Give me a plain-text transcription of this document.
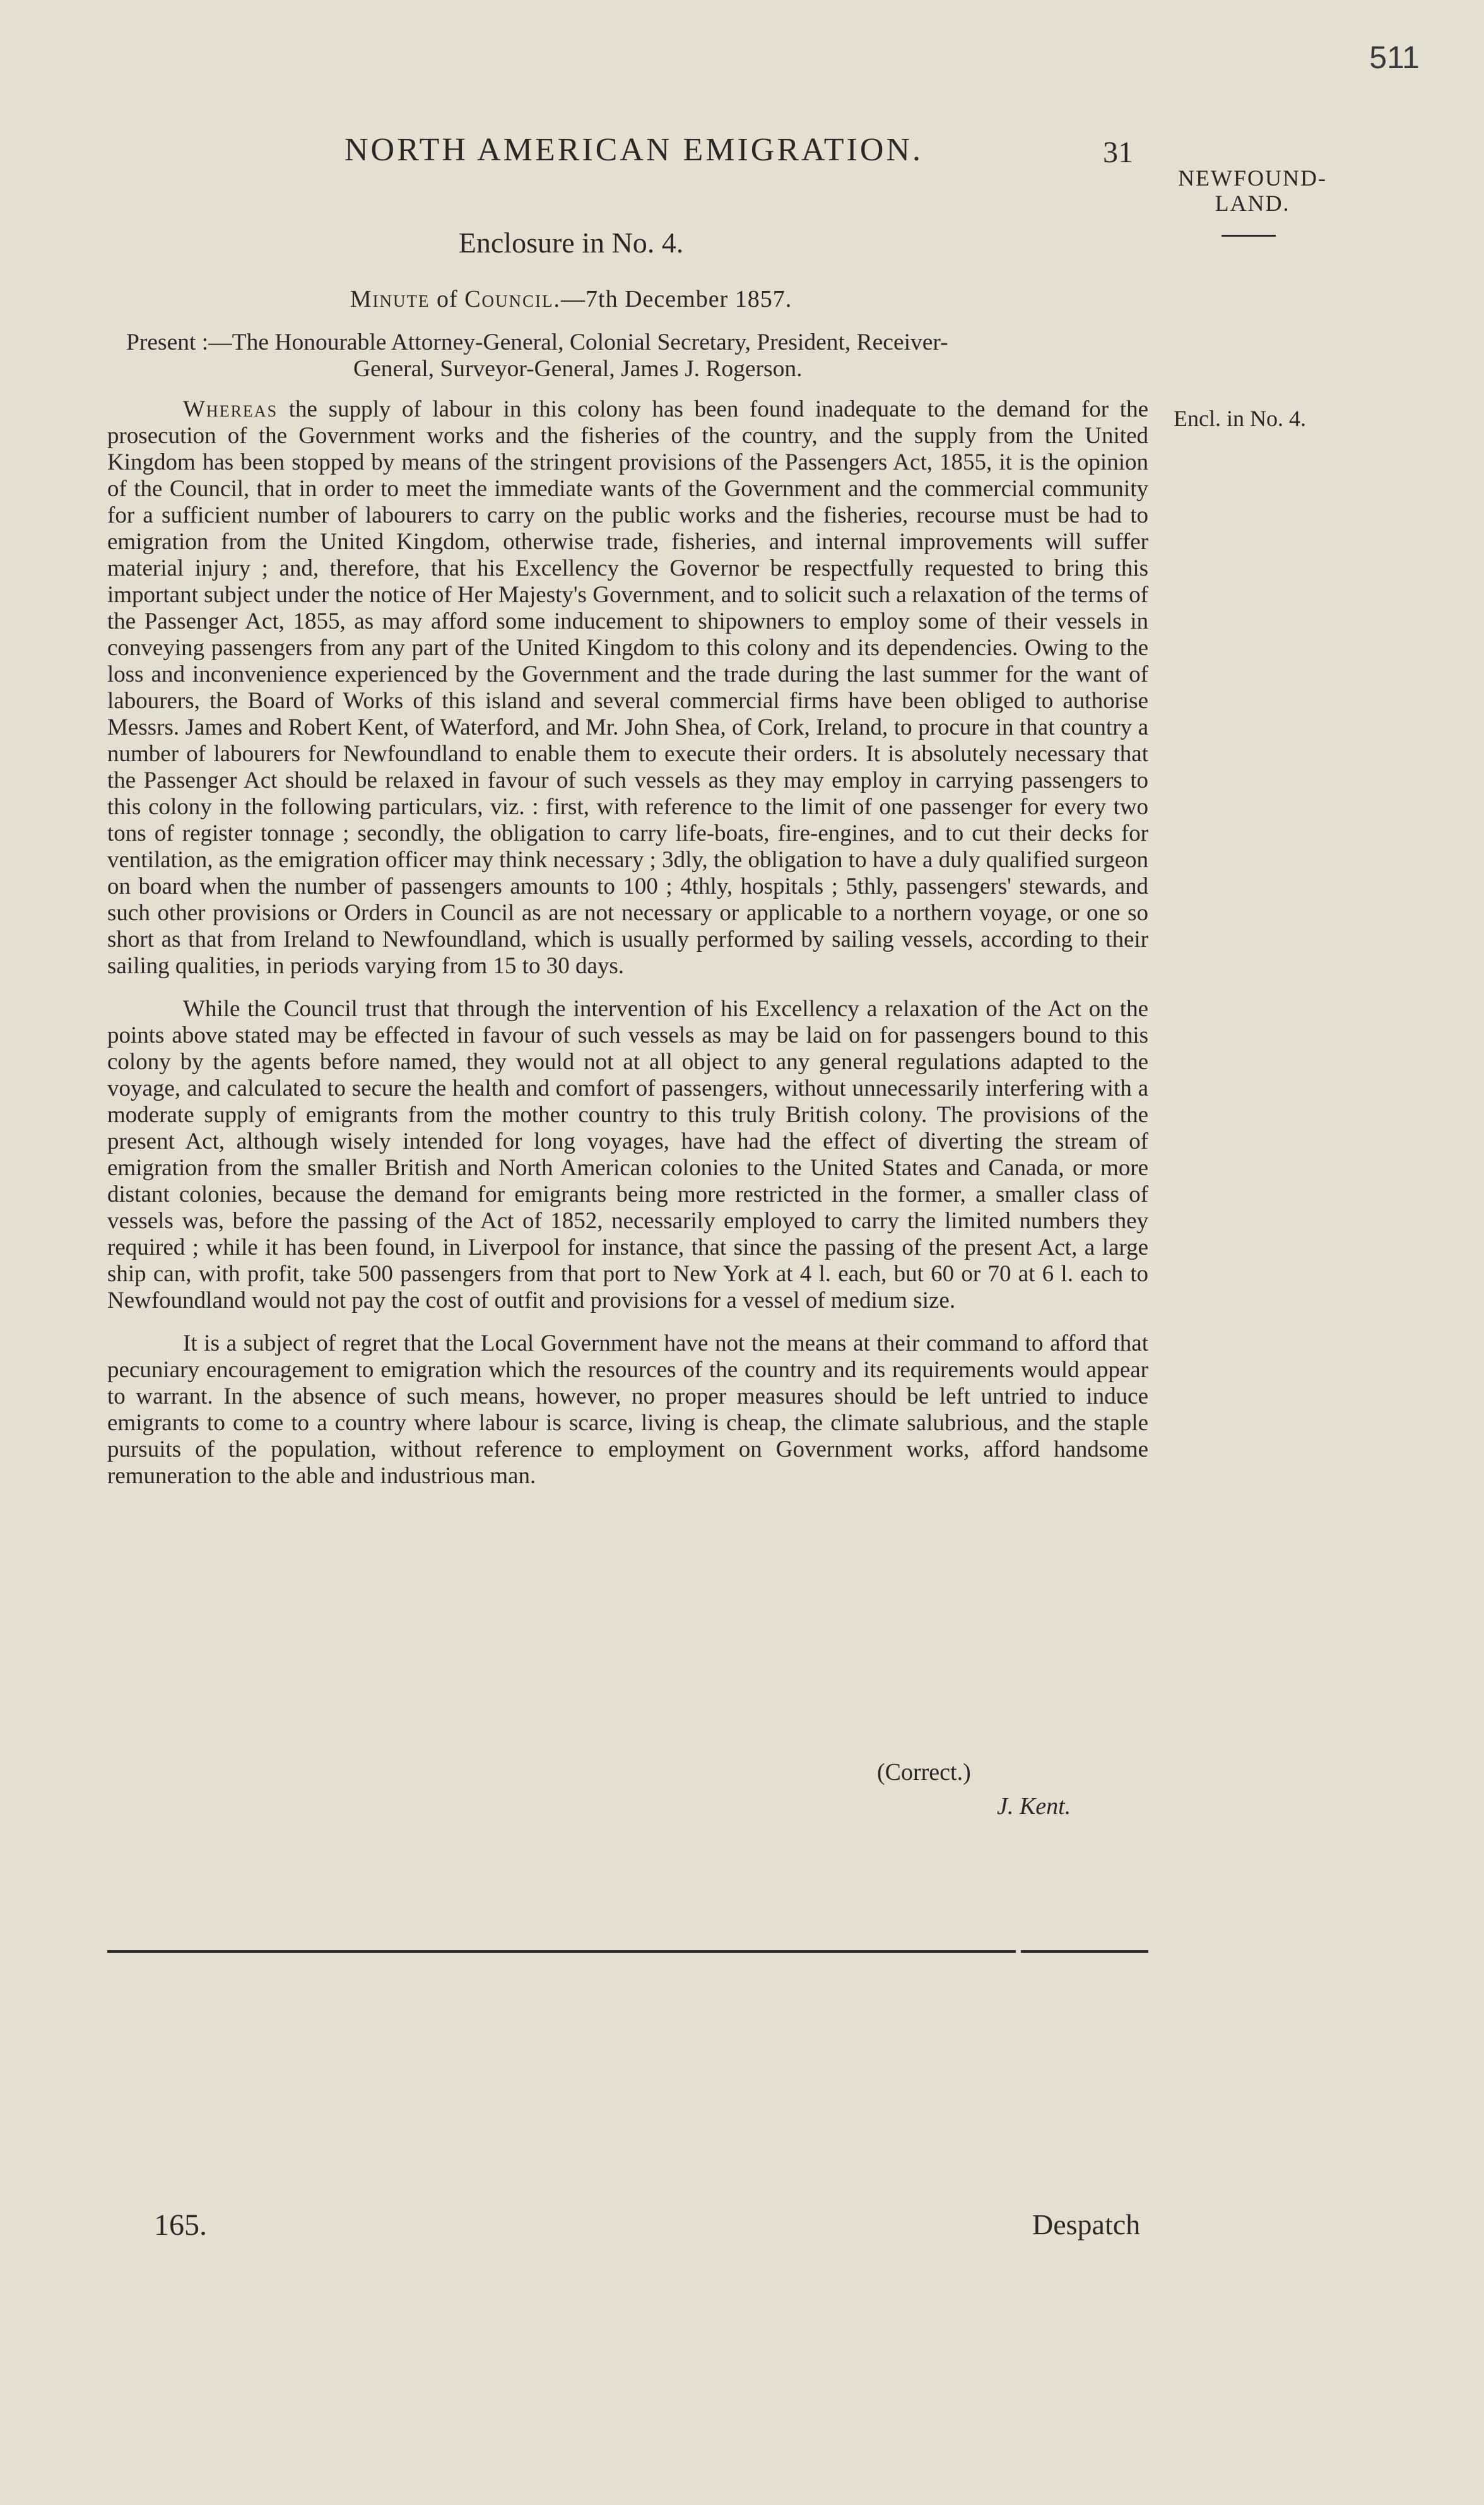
511
NORTH AMERICAN EMIGRATION.	31
NEWFOUND-
LAND.
Enclosure in No. 4.
Minute of Council.—7th December 1857.
Present :—The Honourable Attorney-General, Colonial Secretary, President, Receiver-
General, Surveyor-General, James J. Rogerson.
Encl. in No. 4.

Whereas the supply of labour in this colony has been found inadequate to the demand for the prosecution of the Government works and the fisheries of the country, and the supply from the United Kingdom has been stopped by means of the stringent provisions of the Passengers Act, 1855, it is the opinion of the Council, that in order to meet the immediate wants of the Government and the commercial community for a sufficient number of labourers to carry on the public works and the fisheries, recourse must be had to emigration from the United Kingdom, otherwise trade, fisheries, and internal improvements will suffer material injury ; and, therefore, that his Excellency the Governor be respectfully requested to bring this important subject under the notice of Her Majesty's Government, and to solicit such a relaxation of the terms of the Passenger Act, 1855, as may afford some inducement to shipowners to employ some of their vessels in conveying passengers from any part of the United Kingdom to this colony and its dependencies. Owing to the loss and inconvenience experienced by the Government and the trade during the last summer for the want of labourers, the Board of Works of this island and several commercial firms have been obliged to authorise Messrs. James and Robert Kent, of Waterford, and Mr. John Shea, of Cork, Ireland, to procure in that country a number of labourers for Newfoundland to enable them to execute their orders. It is absolutely necessary that the Passenger Act should be relaxed in favour of such vessels as they may employ in carrying passengers to this colony in the following particulars, viz. : first, with reference to the limit of one passenger for every two tons of register tonnage ; secondly, the obligation to carry life-boats, fire-engines, and to cut their decks for ventilation, as the emigration officer may think necessary ; 3dly, the obligation to have a duly qualified surgeon on board when the number of passengers amounts to 100 ; 4thly, hospitals ; 5thly, passengers' stewards, and such other provisions or Orders in Council as are not necessary or applicable to a northern voyage, or one so short as that from Ireland to Newfoundland, which is usually performed by sailing vessels, according to their sailing qualities, in periods varying from 15 to 30 days.

While the Council trust that through the intervention of his Excellency a relaxation of the Act on the points above stated may be effected in favour of such vessels as may be laid on for passengers bound to this colony by the agents before named, they would not at all object to any general regulations adapted to the voyage, and calculated to secure the health and comfort of passengers, without unnecessarily interfering with a moderate supply of emigrants from the mother country to this truly British colony. The provisions of the present Act, although wisely intended for long voyages, have had the effect of diverting the stream of emigration from the smaller British and North American colonies to the United States and Canada, or more distant colonies, because the demand for emigrants being more restricted in the former, a smaller class of vessels was, before the passing of the Act of 1852, necessarily employed to carry the limited numbers they required ; while it has been found, in Liverpool for instance, that since the passing of the present Act, a large ship can, with profit, take 500 passengers from that port to New York at 4 l. each, but 60 or 70 at 6 l. each to Newfoundland would not pay the cost of outfit and provisions for a vessel of medium size.

It is a subject of regret that the Local Government have not the means at their command to afford that pecuniary encouragement to emigration which the resources of the country and its requirements would appear to warrant. In the absence of such means, however, no proper measures should be left untried to induce emigrants to come to a country where labour is scarce, living is cheap, the climate salubrious, and the staple pursuits of the population, without reference to employment on Government works, afford handsome remuneration to the able and industrious man.

(Correct.)
J. Kent.
165.	Despatch
